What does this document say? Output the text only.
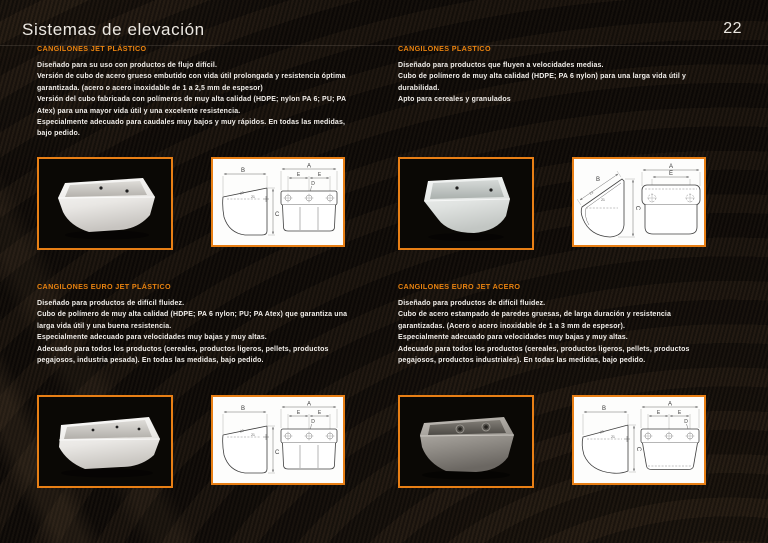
Sistemas de elevación	22
CANGILONES JET PLÁSTICO

Diseñado para su uso con productos de flujo difícil.

Versión de cubo de acero grueso embutido con vida útil prolongada y resistencia óptima garantizada. (acero o acero inoxidable de 1 a 2,5 mm de espesor)

Versión del cubo fabricada con polímeros de muy alta calidad (HDPE; nylon PA 6; PU; PA Atex) para una mayor vida útil y una excelente resistencia.

Especialmente adecuado para caudales muy bajos y muy rápidos. En todas las medidas, bajo pedido.

B
23
21
C
A
E	E
D
CANGILONES PLASTICO

Diseñado para productos que fluyen a velocidades medias.

Cubo de polímero de muy alta calidad (HDPE; PA 6 nylon) para una larga vida útil y durabilidad.

Apto para cereales y granulados

B
23
21
C
A
E
CANGILONES EURO JET PLÁSTICO

Diseñado para productos de difícil fluidez.

Cubo de polímero de muy alta calidad (HDPE; PA 6 nylon; PU; PA Atex) que garantiza una larga vida útil y una buena resistencia.

Especialmente adecuado para velocidades muy bajas y muy altas.

Adecuado para todos los productos (cereales, productos ligeros, pellets, productos pegajosos, industria pesada). En todas las medidas, bajo pedido.

B
23
21
C
A
E	E
D
CANGILONES EURO JET ACERO

Diseñado para productos de difícil fluidez.

Cubo de acero estampado de paredes gruesas, de larga duración y resistencia garantizadas. (Acero o acero inoxidable de 1 a 3 mm de espesor).

Especialmente adecuado para velocidades muy bajas y muy altas.

Adecuado para todos los productos (cereales, productos ligeros, pellets, productos pegajosos, productos industriales). En todas las medidas, bajo pedido.

B
23
21
C
A
E	E
D
